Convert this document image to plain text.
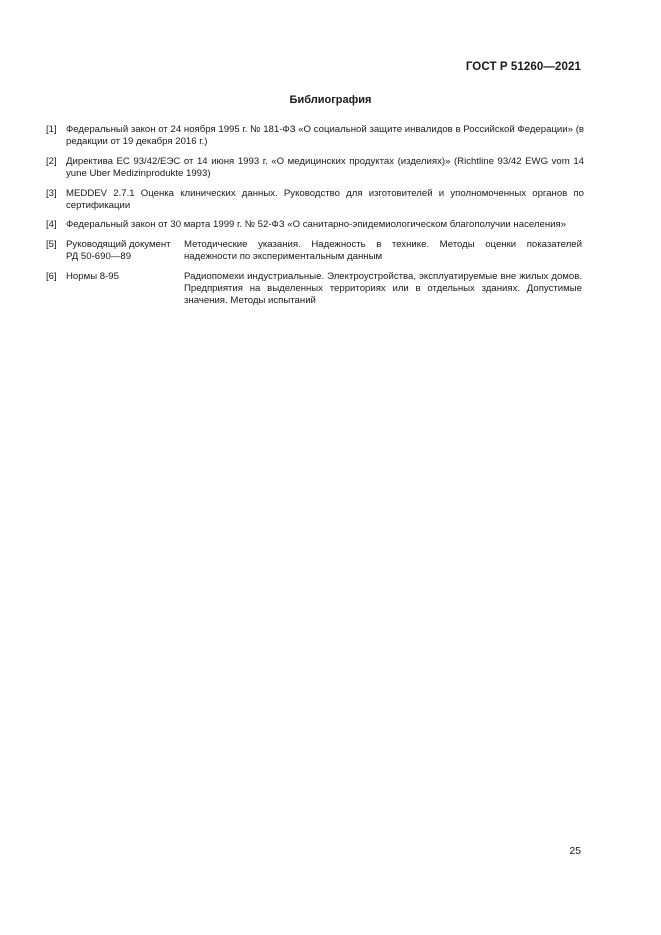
ГОСТ Р 51260—2021
Библиография
[1] Федеральный закон от 24 ноября 1995 г. № 181-ФЗ «О социальной защите инвалидов в Российской Федерации» (в редакции от 19 декабря 2016 г.)
[2] Директива ЕС 93/42/ЕЭС от 14 июня 1993 г. «О медицинских продуктах (изделиях)» (Richtline 93/42 EWG vom 14 yune Uber Medizinprodukte 1993)
[3] MEDDEV 2.7.1 Оценка клинических данных. Руководство для изготовителей и уполномоченных органов по сертификации
[4] Федеральный закон от 30 марта 1999 г. № 52-ФЗ «О санитарно-эпидемиологическом благополучии населения»
[5] Руководящий документ РД 50-690—89Методические указания. Надежность в технике. Методы оценки показателей надежности по экспериментальным данным
[6] Нормы 8-95	Радиопомехи индустриальные. Электроустройства, эксплуатируемые вне жилых домов. Предприятия на выделенных территориях или в отдельных зданиях. Допустимые значения. Методы испытаний
25
